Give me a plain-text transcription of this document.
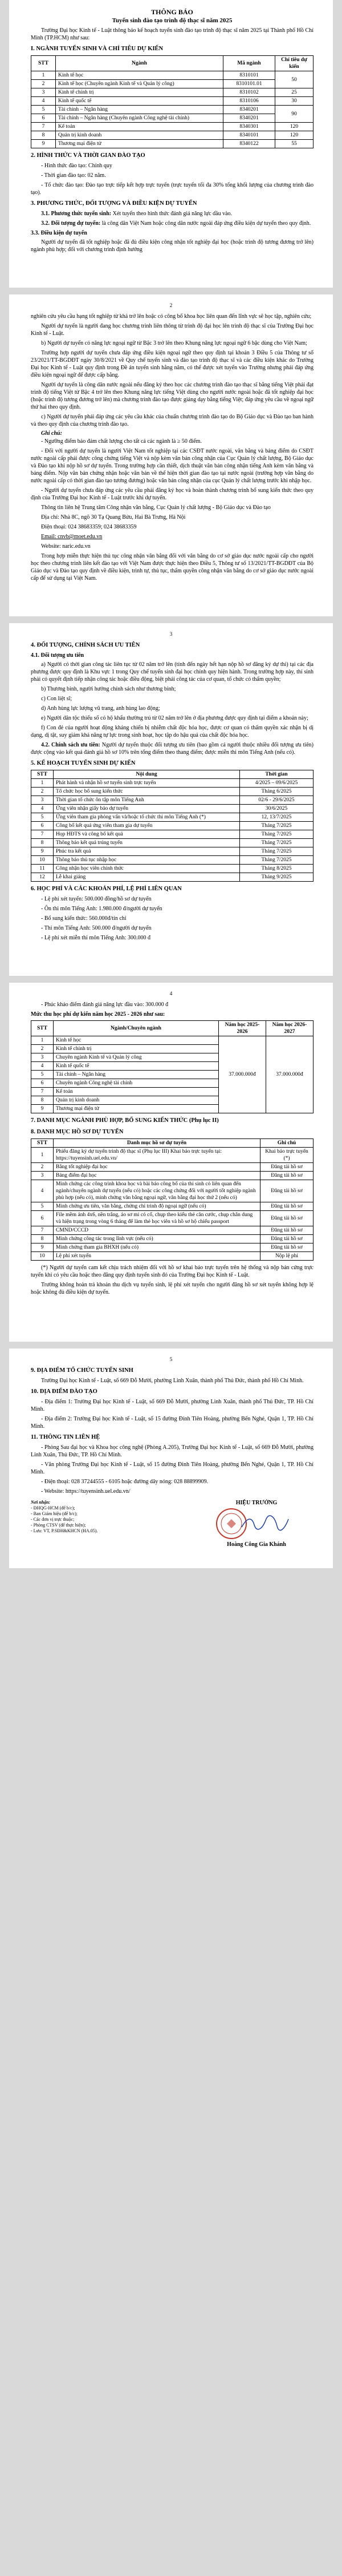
THÔNG BÁO
Tuyển sinh đào tạo trình độ thạc sĩ năm 2025

Trường Đại học Kinh tế - Luật thông báo kế hoạch tuyển sinh đào tạo trình độ thạc sĩ năm 2025 tại Thành phố Hồ Chí Minh (TP.HCM) như sau:

I. NGÀNH TUYỂN SINH VÀ CHỈ TIÊU DỰ KIẾN
STT	Ngành	Mã ngành	Chỉ tiêu dự kiến
1	Kinh tế học	8310101	50
2	Kinh tế học (Chuyên ngành Kinh tế và Quản lý công)	8310101.01	
3	Kinh tế chính trị	8310102	25
4	Kinh tế quốc tế	8310106	30
5	Tài chính – Ngân hàng	8340201	90
6	Tài chính – Ngân hàng (Chuyên ngành Công nghệ tài chính)	8340201	
7	Kế toán	8340301	120
8	Quản trị kinh doanh	8340101	120
9	Thương mại điện tử	8340122	55
2. HÌNH THỨC VÀ THỜI GIAN ĐÀO TẠO

- Hình thức đào tạo: Chính quy

- Thời gian đào tạo: 02 năm.

- Tổ chức đào tạo: Đào tạo trực tiếp kết hợp trực tuyến (trực tuyến tối đa 30% tổng khối lượng của chương trình đào tạo).

3. PHƯƠNG THỨC, ĐỐI TƯỢNG VÀ ĐIỀU KIỆN DỰ TUYỂN

3.1. Phương thức tuyển sinh: Xét tuyển theo hình thức đánh giá năng lực dầu vào.

3.2. Đối tượng dự tuyển: là công dân Việt Nam hoặc công dân nước ngoài đáp ứng điều kiện dự tuyển theo quy định.

3.3. Điều kiện dự tuyển

Người dự tuyển đã tốt nghiệp hoặc đã đủ điều kiện công nhận tốt nghiệp đại học (hoặc trình độ tương đương trở lên) ngành phù hợp; đối với chương trình định hướng

2

nghiên cứu yêu cầu hạng tốt nghiệp từ khá trở lên hoặc có công bố khoa học liên quan đến lĩnh vực sẽ học tập, nghiên cứu;

Người dự tuyển là người đang học chương trình liên thông từ trình độ đại học lên trình độ thạc sĩ của Trường Đại học Kinh tế - Luật.

b) Người dự tuyển có năng lực ngoại ngữ từ Bậc 3 trở lên theo Khung năng lực ngoại ngữ 6 bậc dùng cho Việt Nam;

Trường hợp người dự tuyển chưa đáp ứng điều kiện ngoại ngữ theo quy định tại khoản 3 Điều 5 của Thông tư số 23/2021/TT-BGDĐT ngày 30/8/2021 về Quy chế tuyển sinh và đào tạo trình độ thạc sĩ và các điều kiện khác do Trường Đại học Kinh tế - Luật quy định trong Đề án tuyển sinh hằng năm, có thể được xét tuyển vào Trường nhưng phải đáp ứng điều kiện ngoại ngữ để được cấp bằng.

Người dự tuyển là công dân nước ngoài nếu đăng ký theo học các chương trình đào tạo thạc sĩ bằng tiếng Việt phải đạt trình độ tiếng Việt từ Bậc 4 trở lên theo Khung năng lực tiếng Việt dùng cho người nước ngoài hoặc đã tốt nghiệp đại học (hoặc trình độ tương đương trở lên) mà chương trình đào tạo được giảng dạy bằng tiếng Việt; đáp ứng yêu cầu về ngoại ngữ thứ hai theo quy định.

c) Người dự tuyển phải đáp ứng các yêu cầu khác của chuẩn chương trình đào tạo do Bộ Giáo dục và Đào tạo ban hành và theo quy định của chương trình đào tạo.

Ghi chú:

- Ngưỡng điểm bảo đảm chất lượng cho tất cả các ngành là ≥ 50 điểm.

- Đối với người dự tuyển là người Việt Nam tốt nghiệp tại các CSĐT nước ngoài, văn bằng và bảng điểm do CSĐT nước ngoài cấp phải được công chứng tiếng Việt và nộp kèm văn bản công nhận của Cục Quản lý chất lượng, Bộ Giáo dục và Đào tạo khi nộp hồ sơ dự tuyển. Trong trường hợp cần thiết, dịch thuật văn bản công nhận tiếng Anh kèm văn bằng và bảng điểm. Nộp văn bản chứng nhận hoặc văn bản về thể hiện thời gian đào tạo tại nước ngoài (trường hợp văn bằng do nước ngoài cấp có thời gian đào tạo tương đương) hoặc văn bản công nhận của cục Quản lý chất lượng trước khi nhập học.

- Người dự tuyển chưa đáp ứng các yêu cầu phải đăng ký học và hoàn thành chương trình bổ sung kiến thức theo quy định của Trường Đại học Kinh tế - Luật trước khi dự tuyển.

Thông tin liên hệ Trung tâm Công nhận văn bằng, Cục Quản lý chất lượng - Bộ Giáo dục và Đào tạo

Địa chỉ: Nhà 8C, ngõ 30 Tạ Quang Bửu, Hai Bà Trưng, Hà Nội

Điện thoại: 024 38683359; 024 38683359

Email: cnvb@moet.edu.vn

Website: naric.edu.vn

Trong hợp miễn thực hiện thủ tục công nhận văn bằng đối với văn bằng do cơ sở giáo dục nước ngoài cấp cho người học theo chương trình liên kết đào tạo với Việt Nam được thực hiện theo Điều 5, Thông tư số 13/2021/TT-BGDĐT của Bộ Giáo dục và Đào tạo quy định về điều kiện, trình tự, thủ tục, thẩm quyền công nhận văn bằng do cơ sở giáo dục nước ngoài cấp để sử dụng tại Việt Nam.

3
4. ĐỐI TƯỢNG, CHÍNH SÁCH ƯU TIÊN
4.1. Đối tượng ưu tiên

a) Người có thời gian công tác liên tục từ 02 năm trở lên (tính đến ngày hết hạn nộp hồ sơ đăng ký dự thi) tại các địa phương được quy định là Khu vực 1 trong Quy chế tuyển sinh đại học chính quy hiện hành. Trong trường hợp này, thí sinh phải có quyết định tiếp nhận công tác hoặc điều động, biệt phái công tác của cơ quan, tổ chức có thẩm quyền;

b) Thương binh, người hưởng chính sách như thương binh;

c) Con liệt sĩ;

d) Anh hùng lực lượng vũ trang, anh hùng lao động;

e) Người dân tộc thiểu số có hộ khẩu thường trú từ 02 năm trở lên ở địa phương được quy định tại điểm a khoản này;

f) Con đẻ của người hoạt động kháng chiến bị nhiễm chất độc hóa học, được cơ quan có thẩm quyền xác nhận bị dị dạng, dị tật, suy giảm khả năng tự lực trong sinh hoạt, học tập do hậu quả của chất độc hóa học.

4.2. Chính sách ưu tiên: Người dự tuyển thuộc đối tượng ưu tiên (bao gồm cả người thuộc nhiều đối tượng ưu tiên) được cộng vào kết quả đánh giá hồ sơ 10% trên tổng điểm theo thang điểm; được miễn thi môn Tiếng Anh (nếu có).

5. KẾ HOẠCH TUYỂN SINH DỰ KIẾN
STT	Nội dung	Thời gian
1	Phát hành và nhận hồ sơ tuyển sinh trực tuyến	4/2025 – 09/6/2025
2	Tổ chức học bổ sung kiến thức	Tháng 6/2025
3	Thời gian tổ chức ôn tập môn Tiếng Anh	02/6 - 29/6/2025
4	Ứng viên nhận giấy báo dự tuyển	30/6/2025
5	Ứng viên tham gia phỏng vấn và/hoặc tổ chức thi môn Tiếng Anh (*)	12, 13/7/2025
6	Công bố kết quả ứng viên tham gia dự tuyển	Tháng 7/2025
7	Họp HĐTS và công bố kết quả	Tháng 7/2025
8	Thông báo kết quả trúng tuyển	Tháng 7/2025
9	Phúc tra kết quả	Tháng 7/2025
10	Thông báo thủ tục nhập học	Tháng 7/2025
11	Công nhận học viên chính thức	Tháng 8/2025
12	Lễ khai giảng	Tháng 9/2025
6. HỌC PHÍ VÀ CÁC KHOẢN PHÍ, LỆ PHÍ LIÊN QUAN

- Lệ phí xét tuyển: 500.000 đồng/hồ sơ dự tuyển

- Ôn thi môn Tiếng Anh: 1.980.000 đ/người dự tuyển

- Bổ sung kiến thức: 560.000đ/tín chỉ

- Thi môn Tiếng Anh: 500.000 đ/người dự tuyển

- Lệ phí xét miễn thi môn Tiếng Anh: 300.000 đ

4

- Phúc khảo điểm đánh giá năng lực đầu vào: 300.000 đ

Mức thu học phí dự kiến năm học 2025 - 2026 như sau:
STT	Ngành/Chuyên ngành	Năm học 2025-2026	Năm học 2026-2027
1	Kinh tế học	37.000.000đ	37.000.000đ
2	Kinh tế chính trị		
3	Chuyên ngành Kinh tế và Quản lý công		
4	Kinh tế quốc tế		
5	Tài chính – Ngân hàng		
6	Chuyên ngành Công nghệ tài chính		
7	Kế toán		
8	Quản trị kinh doanh		
9	Thương mại điện tử		
7. DANH MỤC NGÀNH PHÙ HỢP, BỔ SUNG KIẾN THỨC (Phụ lục II)
8. DANH MỤC HỒ SƠ DỰ TUYỂN
STT	Danh mục hồ sơ dự tuyển	Ghi chú
1	Phiếu đăng ký dự tuyển trình độ thạc sĩ (Phụ lục III) Khai báo trực tuyến tại: https://tuyensinh.uel.edu.vn/	Khai báo trực tuyến (*)
2	Bằng tốt nghiệp đại học	Đăng tải hồ sơ
3	Bảng điểm đại học	Đăng tải hồ sơ
4	Minh chứng các công trình khoa học và bài báo công bố của thí sinh có liên quan đến ngành/chuyên ngành dự tuyển (nếu có) hoặc các công chứng đối với người tốt nghiệp ngành phù hợp (nếu có), minh chứng văn bằng ngoại ngữ, văn bằng đại học thứ 2 (nếu có)	Đăng tải hồ sơ
5	Minh chứng ưu tiên, văn bằng, chứng chỉ trình độ ngoại ngữ (nếu có)	Đăng tải hồ sơ
6	File mềm ảnh 4x6, nền trắng, áo sơ mi có cổ, chụp theo kiểu thẻ căn cước, chụp chân dung và hiện trạng trong vòng 6 tháng để làm thẻ học viên và hồ sơ hộ chiếu passport	Đăng tải hồ sơ
7	CMND/CCCD	Đăng tải hồ sơ
8	Minh chứng công tác trong lĩnh vực (nếu có)	Đăng tải hồ sơ
9	Minh chứng tham gia BHXH (nếu có)	Đăng tải hồ sơ
10	Lệ phí xét tuyển	Nộp lệ phí

(*) Người dự tuyển cam kết chịu trách nhiệm đối với hồ sơ khai báo trực tuyến trên hệ thống và nộp bản cứng trực tuyến khi có yêu cầu hoặc theo đăng quy định tuyển sinh đó của Trường Đại học Kinh tế - Luật.

Trường không hoàn trả khoản thu dịch vụ tuyển sinh, lệ phí xét tuyển cho người đăng hồ sơ xét tuyển không hợp lệ hoặc không đủ điều kiện dự tuyển.

5
9. ĐỊA ĐIỂM TỔ CHỨC TUYỂN SINH

Trường Đại học Kinh tế - Luật, số 669 Đỗ Mười, phường Linh Xuân, thành phố Thủ Đức, thành phố Hồ Chí Minh.

10. ĐỊA ĐIỂM ĐÀO TẠO

- Địa điểm 1: Trường Đại học Kinh tế - Luật, số 669 Đỗ Mười, phường Linh Xuân, thành phố Thủ Đức, TP. Hồ Chí Minh.

- Địa điểm 2: Trường Đại học Kinh tế - Luật, số 15 đường Đinh Tiên Hoàng, phường Bến Nghé, Quận 1, TP. Hồ Chí Minh.

11. THÔNG TIN LIÊN HỆ

- Phòng Sau đại học và Khoa học công nghệ (Phòng A.205), Trường Đại học Kinh tế - Luật, số 669 Đỗ Mười, phường Linh Xuân, Thủ Đức, TP. Hồ Chí Minh.

- Văn phòng Trường Đại học Kinh tế - Luật, số 15 đường Đinh Tiên Hoàng, phường Bến Nghé, Quận 1, TP. Hồ Chí Minh.

- Điện thoại: 028 37244555 - 6105 hoặc đường dây nóng: 028 88899909.

- Website: https://tuyensinh.uel.edu.vn/

Nơi nhận:
- ĐHQG-HCM (để b/c);
- Ban Giám hiệu (để b/c);
- Các đơn vị trực thuộc;
- Phòng CTSV (để thực hiện);
- Lưu: VT, P.SĐH&KHCN (HA.05).
HIỆU TRƯỞNG
Hoàng Công Gia Khánh
